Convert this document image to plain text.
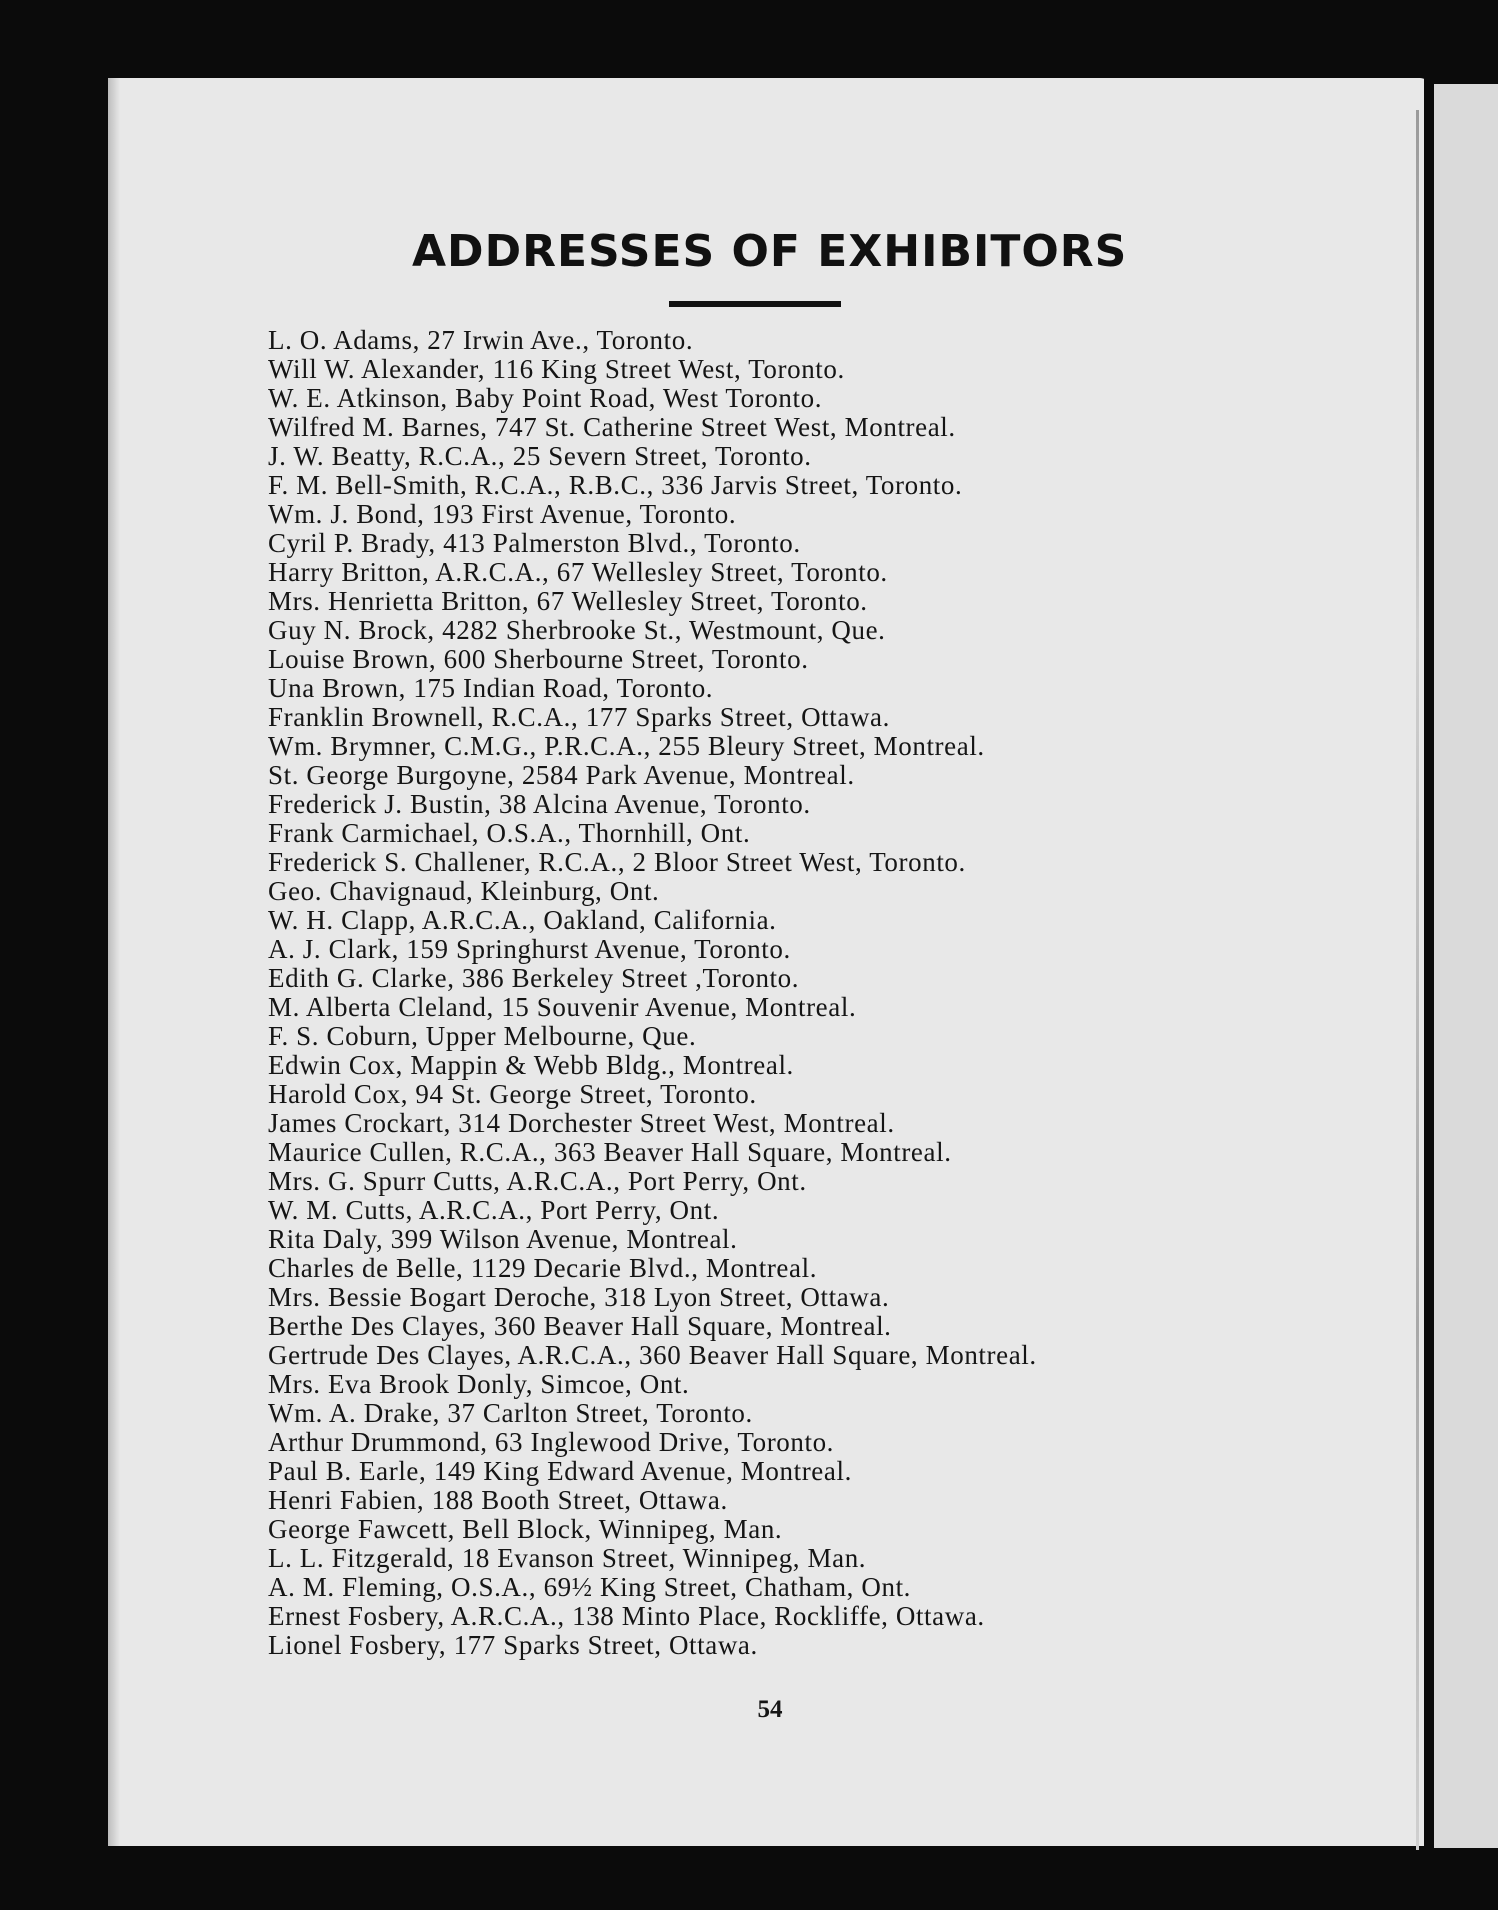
ADDRESSES OF EXHIBITORS
L. O. Adams, 27 Irwin Ave., Toronto.
Will W. Alexander, 116 King Street West, Toronto.
W. E. Atkinson, Baby Point Road, West Toronto.
Wilfred M. Barnes, 747 St. Catherine Street West, Montreal.
J. W. Beatty, R.C.A., 25 Severn Street, Toronto.
F. M. Bell-Smith, R.C.A., R.B.C., 336 Jarvis Street, Toronto.
Wm. J. Bond, 193 First Avenue, Toronto.
Cyril P. Brady, 413 Palmerston Blvd., Toronto.
Harry Britton, A.R.C.A., 67 Wellesley Street, Toronto.
Mrs. Henrietta Britton, 67 Wellesley Street, Toronto.
Guy N. Brock, 4282 Sherbrooke St., Westmount, Que.
Louise Brown, 600 Sherbourne Street, Toronto.
Una Brown, 175 Indian Road, Toronto.
Franklin Brownell, R.C.A., 177 Sparks Street, Ottawa.
Wm. Brymner, C.M.G., P.R.C.A., 255 Bleury Street, Montreal.
St. George Burgoyne, 2584 Park Avenue, Montreal.
Frederick J. Bustin, 38 Alcina Avenue, Toronto.
Frank Carmichael, O.S.A., Thornhill, Ont.
Frederick S. Challener, R.C.A., 2 Bloor Street West, Toronto.
Geo. Chavignaud, Kleinburg, Ont.
W. H. Clapp, A.R.C.A., Oakland, California.
A. J. Clark, 159 Springhurst Avenue, Toronto.
Edith G. Clarke, 386 Berkeley Street ,Toronto.
M. Alberta Cleland, 15 Souvenir Avenue, Montreal.
F. S. Coburn, Upper Melbourne, Que.
Edwin Cox, Mappin & Webb Bldg., Montreal.
Harold Cox, 94 St. George Street, Toronto.
James Crockart, 314 Dorchester Street West, Montreal.
Maurice Cullen, R.C.A., 363 Beaver Hall Square, Montreal.
Mrs. G. Spurr Cutts, A.R.C.A., Port Perry, Ont.
W. M. Cutts, A.R.C.A., Port Perry, Ont.
Rita Daly, 399 Wilson Avenue, Montreal.
Charles de Belle, 1129 Decarie Blvd., Montreal.
Mrs. Bessie Bogart Deroche, 318 Lyon Street, Ottawa.
Berthe Des Clayes, 360 Beaver Hall Square, Montreal.
Gertrude Des Clayes, A.R.C.A., 360 Beaver Hall Square, Montreal.
Mrs. Eva Brook Donly, Simcoe, Ont.
Wm. A. Drake, 37 Carlton Street, Toronto.
Arthur Drummond, 63 Inglewood Drive, Toronto.
Paul B. Earle, 149 King Edward Avenue, Montreal.
Henri Fabien, 188 Booth Street, Ottawa.
George Fawcett, Bell Block, Winnipeg, Man.
L. L. Fitzgerald, 18 Evanson Street, Winnipeg, Man.
A. M. Fleming, O.S.A., 69½ King Street, Chatham, Ont.
Ernest Fosbery, A.R.C.A., 138 Minto Place, Rockliffe, Ottawa.
Lionel Fosbery, 177 Sparks Street, Ottawa.
54
